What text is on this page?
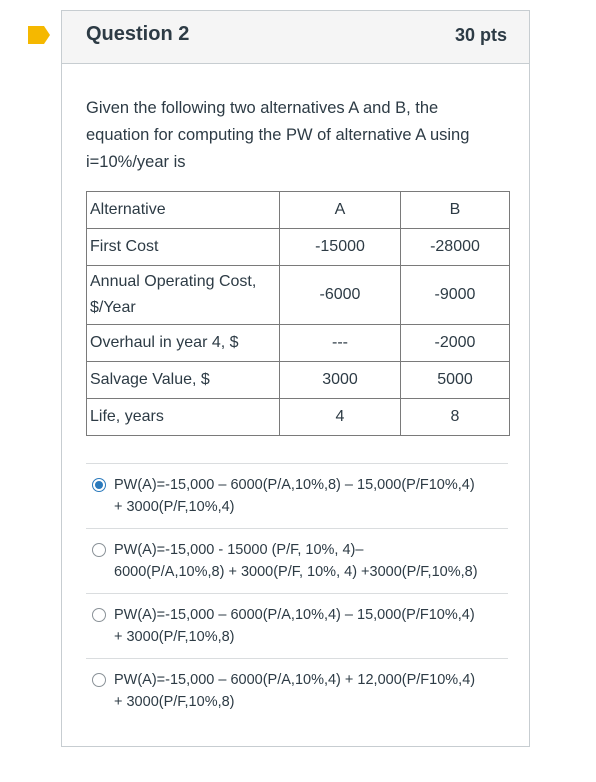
Question 2	30 pts
Given the following two alternatives A and B, the
equation for computing the PW of alternative A using
i=10%/year is
Alternative	A	B
First Cost	-15000	-28000

Annual Operating Cost,
$/Year	-6000	-9000
Overhaul in year 4, $	---	-2000
Salvage Value, $	3000	5000
Life, years	4	8
PW(A)=-15,000 – 6000(P/A,10%,8) – 15,000(P/F10%,4)
+ 3000(P/F,10%,4)
PW(A)=-15,000 - 15000 (P/F, 10%, 4)–
6000(P/A,10%,8) + 3000(P/F, 10%, 4) +3000(P/F,10%,8)
PW(A)=-15,000 – 6000(P/A,10%,4) – 15,000(P/F10%,4)
+ 3000(P/F,10%,8)
PW(A)=-15,000 – 6000(P/A,10%,4) + 12,000(P/F10%,4)
+ 3000(P/F,10%,8)
